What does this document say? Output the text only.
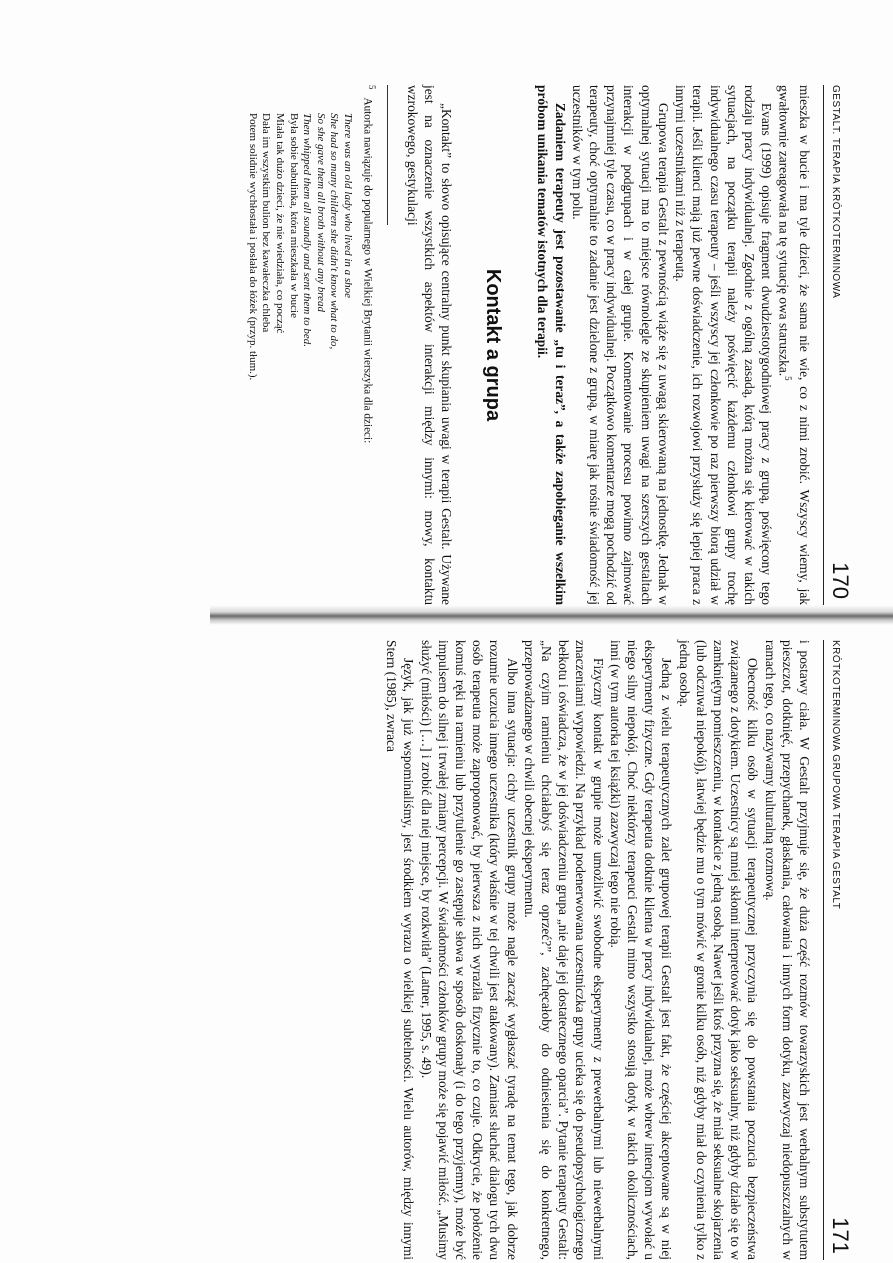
GESTALT. TERAPIA KRÓTKOTERMINOWA
170

mieszka w bucie i ma tyle dzieci, że sama nie wie, co z nimi zrobić. Wszyscy wiemy, jak gwałtownie zareagowała na tę sytuację owa staruszka.$^5$

Evans (1999) opisuje fragment dwudziestotygodniowej pracy z grupą, poświęcony tego rodzaju pracy indywidualnej. Zgodnie z ogólną zasadą, którą można się kierować w takich sytuacjach, na początku terapii należy poświęcić każdemu członkowi grupy trochę indywidualnego czasu terapeuty – jeśli wszyscy jej członkowie po raz pierwszy biorą udział w terapii. Jeśli klienci mają już pewne doświadczenie, ich rozwojowi przysłuży się lepiej praca z innymi uczestnikami niż z terapeutą.

Grupowa terapia Gestalt z pewnością wiąże się z uwagą skierowaną na jednostkę. Jednak w optymalnej sytuacji ma to miejsce równolegle ze skupieniem uwagi na szerszych gestaltach interakcji w podgrupach i w całej grupie. Komentowanie procesu powinno zajmować przynajmniej tyle czasu, co w pracy indywidualnej. Początkowo komentarze mogą pochodzić od terapeuty, choć optymalnie to zadanie jest dzielone z grupą, w miarę jak rośnie świadomość jej uczestników w tym polu.

Zadaniem terapeuty jest pozostawanie „tu i teraz”, a także zapobieganie wszelkim próbom unikania tematów istotnych dla terapii.

Kontakt a grupa

„Kontakt” to słowo opisujące centralny punkt skupiania uwagi w terapii Gestalt. Używane jest na oznaczenie wszystkich aspektów interakcji między innymi: mowy, kontaktu wzrokowego, gestykulacji

$^5$Autorka nawiązuje do popularnego w Wielkiej Brytanii wierszyka dla dzieci:

There was an old lady who lived in a shoe
She had so many children she didn't know what to do,
So she gave them all broth without any bread
Then whipped them all soundly and sent them to bed.
Była sobie babulinka, która mieszkała w bucie
Miała tak dużo dzieci, że nie wiedziała, co począć
Dała im wszystkim bulion bez kawałeczka chleba
Potem solidnie wychłostała i posłała do łóżek (przyp. tłum.).
KRÓTKOTERMINOWA GRUPOWA TERAPIA GESTALT
171

i postawy ciała. W Gestalt przyjmuje się, że duża część rozmów towarzyskich jest werbalnym substytutem pieszczot, dotknięć, przepychanek, głaskania, całowania i innych form dotyku, zazwyczaj niedopuszczalnych w ramach tego, co nazywamy kulturalną rozmową.

Obecność kilku osób w sytuacji terapeutycznej przyczynia się do powstania poczucia bezpieczeństwa związanego z dotykiem. Uczestnicy są mniej skłonni interpretować dotyk jako seksualny, niż gdyby działo się to w zamkniętym pomieszczeniu, w kontakcie z jedną osobą. Nawet jeśli ktoś przyzna się, że miał seksualne skojarzenia (lub odczuwał niepokój), łatwiej będzie mu o tym mówić w gronie kilku osób, niż gdyby miał do czynienia tylko z jedną osobą.

Jedną z wielu terapeutycznych zalet grupowej terapii Gestalt jest fakt, że częściej akceptowane są w niej eksperymenty fizyczne. Gdy terapeuta dotknie klienta w pracy indywidualnej, może wbrew intencjom wywołać u niego silny niepokój. Choć niektórzy terapeuci Gestalt mimo wszystko stosują dotyk w takich okolicznościach, inni (w tym autorka tej książki) zazwyczaj tego nie robią.

Fizyczny kontakt w grupie może umożliwić swobodne eksperymenty z prewerbalnymi lub niewerbalnymi znaczeniami wypowiedzi. Na przykład podenerwowana uczestniczka grupy ucieka się do pseudopsychologicznego bełkotu i oświadcza, że w jej doświadczeniu grupa „nie daje jej dostatecznego oparcia”. Pytanie terapeuty Gestalt: „Na czyim ramieniu chciałabyś się teraz oprzeć?”, zachęcałoby do odniesienia się do konkretnego, przeprowadzanego w chwili obecnej eksperymentu.

Albo inna sytuacja: cichy uczestnik grupy może nagle zacząć wygłaszać tyradę na temat tego, jak dobrze rozumie uczucia innego uczestnika (który właśnie w tej chwili jest atakowany). Zamiast słuchać dialogu tych dwu osób terapeuta może zaproponować, by pierwsza z nich wyraziła fizycznie to, co czuje. Odkrycie, że położenie komuś ręki na ramieniu lub przytulenie go zastępuje słowa w sposób doskonały (i do tego przyjemny), może być impulsem do silnej i trwałej zmiany percepcji. W świadomości członków grupy może się pojawić miłość. „Musimy służyć (miłości) […] i zrobić dla niej miejsce, by rozkwitła” (Latner, 1995, s. 49).

Język, jak już wspominaliśmy, jest środkiem wyrazu o wielkiej subtelności. Wielu autorów, między innymi Stern (1985), zwraca
